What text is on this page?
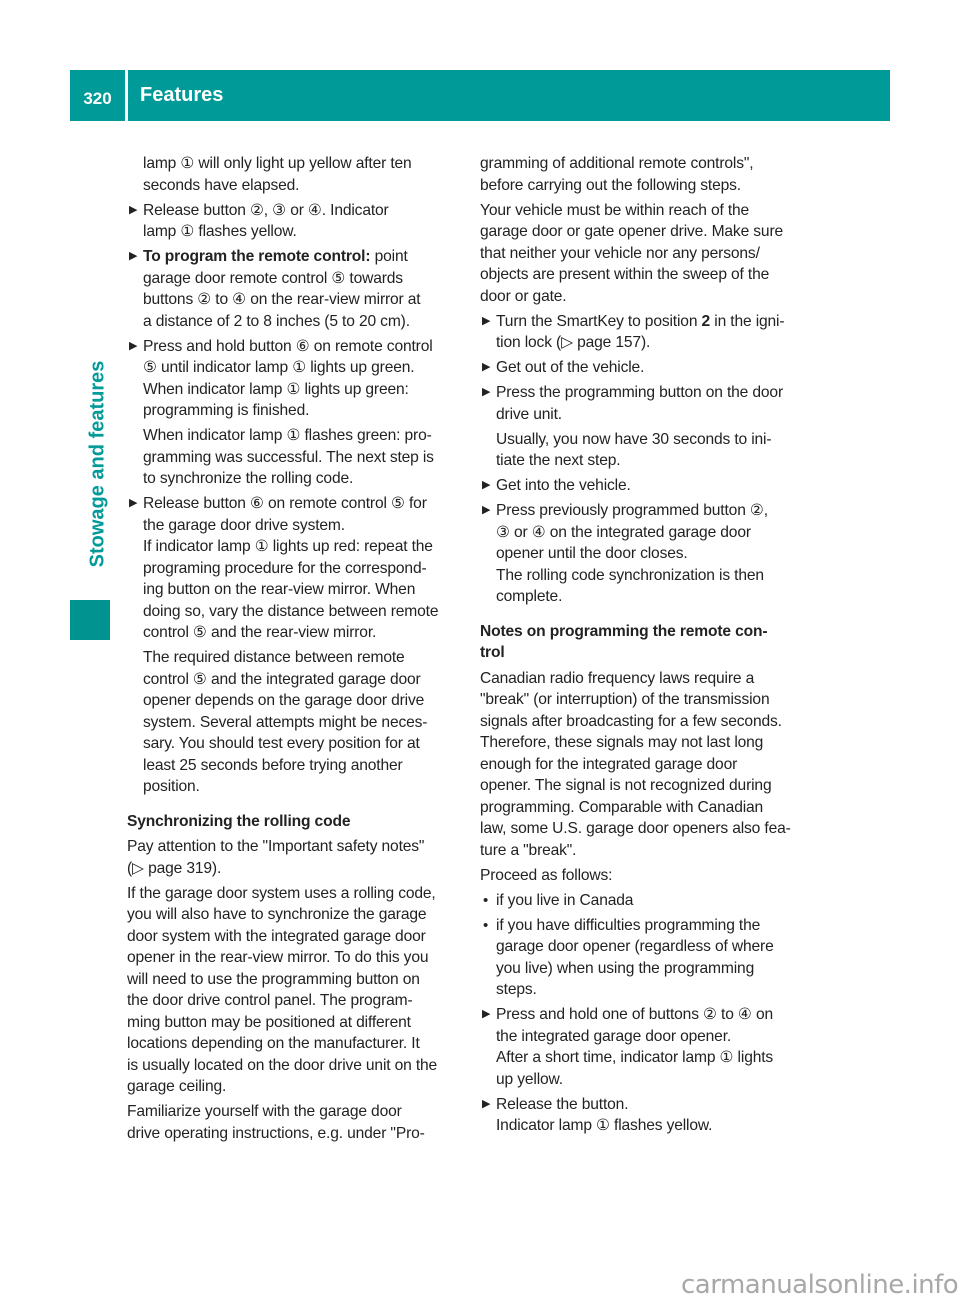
320	Features
Stowage and features
lamp ① will only light up yellow after ten
seconds have elapsed.
▶ Release button ②, ③ or ④. Indicator
lamp ① flashes yellow.
▶ To program the remote control: point
garage door remote control ⑤ towards
buttons ② to ④ on the rear-view mirror at
a distance of 2 to 8 inches (5 to 20 cm).
▶ Press and hold button ⑥ on remote control
⑤ until indicator lamp ① lights up green.
When indicator lamp ① lights up green:
programming is finished.
When indicator lamp ① flashes green: pro-
gramming was successful. The next step is
to synchronize the rolling code.
▶ Release button ⑥ on remote control ⑤ for
the garage door drive system.
If indicator lamp ① lights up red: repeat the
programing procedure for the correspond-
ing button on the rear-view mirror. When
doing so, vary the distance between remote
control ⑤ and the rear-view mirror.
The required distance between remote
control ⑤ and the integrated garage door
opener depends on the garage door drive
system. Several attempts might be neces-
sary. You should test every position for at
least 25 seconds before trying another
position.
Synchronizing the rolling code
Pay attention to the "Important safety notes"
(▷ page 319).
If the garage door system uses a rolling code,
you will also have to synchronize the garage
door system with the integrated garage door
opener in the rear-view mirror. To do this you
will need to use the programming button on
the door drive control panel. The program-
ming button may be positioned at different
locations depending on the manufacturer. It
is usually located on the door drive unit on the
garage ceiling.
Familiarize yourself with the garage door
drive operating instructions, e.g. under "Pro-
gramming of additional remote controls",
before carrying out the following steps.
Your vehicle must be within reach of the
garage door or gate opener drive. Make sure
that neither your vehicle nor any persons/
objects are present within the sweep of the
door or gate.
▶ Turn the SmartKey to position 2 in the igni-
tion lock (▷ page 157).
▶ Get out of the vehicle.
▶ Press the programming button on the door
drive unit.
Usually, you now have 30 seconds to ini-
tiate the next step.
▶ Get into the vehicle.
▶ Press previously programmed button ②,
③ or ④ on the integrated garage door
opener until the door closes.
The rolling code synchronization is then
complete.
Notes on programming the remote con-
trol
Canadian radio frequency laws require a
"break" (or interruption) of the transmission
signals after broadcasting for a few seconds.
Therefore, these signals may not last long
enough for the integrated garage door
opener. The signal is not recognized during
programming. Comparable with Canadian
law, some U.S. garage door openers also fea-
ture a "break".
Proceed as follows:
• if you live in Canada
• if you have difficulties programming the
garage door opener (regardless of where
you live) when using the programming
steps.
▶ Press and hold one of buttons ② to ④ on
the integrated garage door opener.
After a short time, indicator lamp ① lights
up yellow.
▶ Release the button.
Indicator lamp ① flashes yellow.
carmanualsonline.info
